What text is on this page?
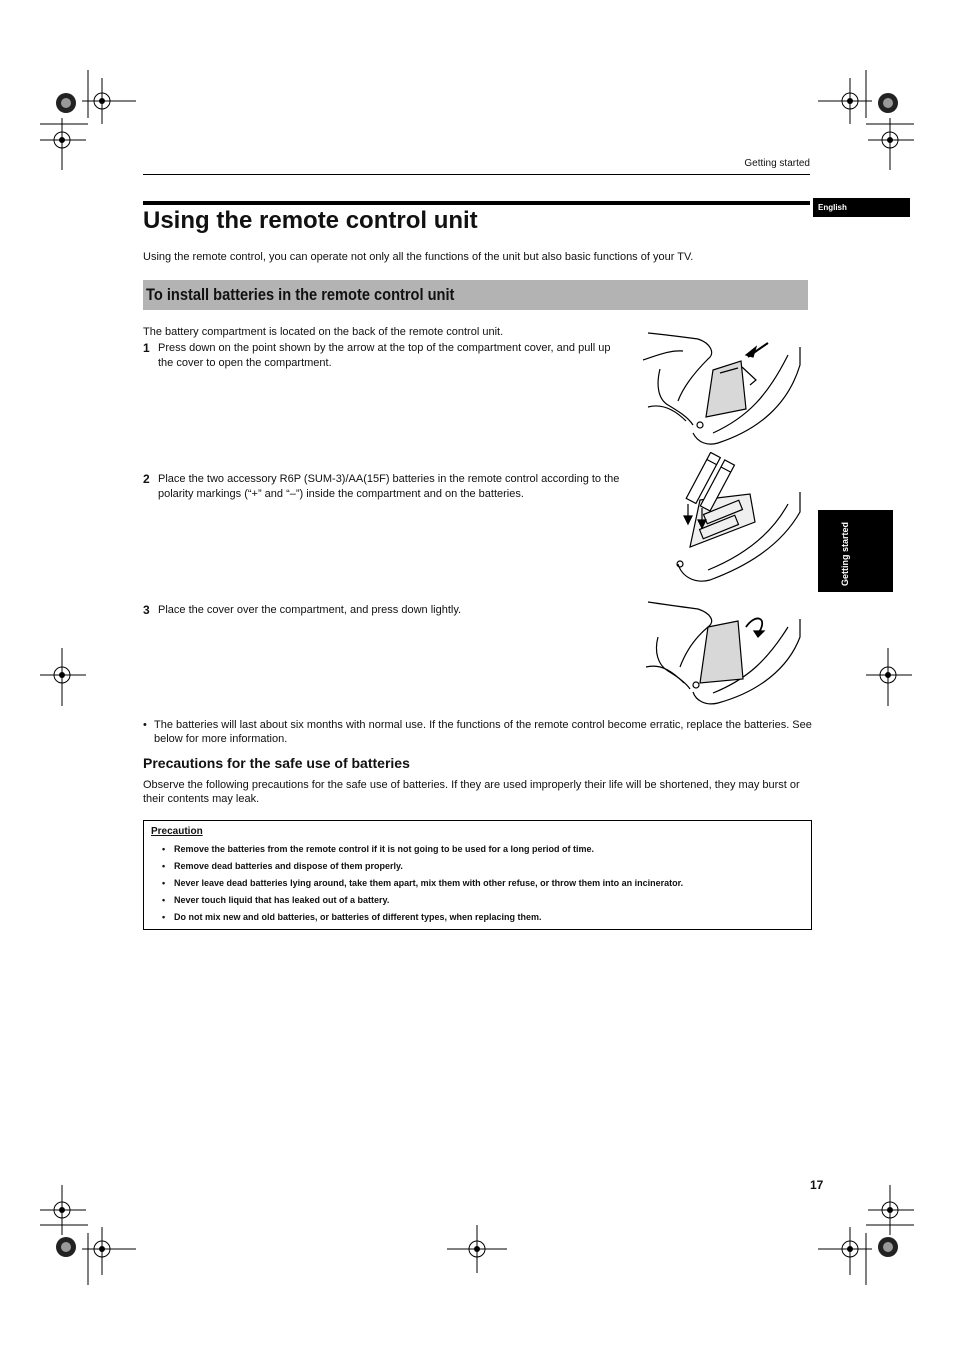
Getting started
English
Getting started
Using the remote control unit
Using the remote control, you can operate not only all the functions of the unit but also basic functions of your TV.
To install batteries in the remote control unit
The battery compartment is located on the back of the remote control unit.
1 Press down on the point shown by the arrow at the top of the compartment cover, and pull up the cover to open the compartment.
2 Place the two accessory R6P (SUM-3)/AA(15F) batteries in the remote control according to the polarity markings (“+” and “–”) inside the compartment and on the batteries.
3 Place the cover over the compartment, and press down lightly.
• The batteries will last about six months with normal use. If the functions of the remote control become erratic, replace the batteries. See below for more information.
Precautions for the safe use of batteries
Observe the following precautions for the safe use of batteries. If they are used improperly their life will be shortened, they may burst or their contents may leak.
Precaution
• Remove the batteries from the remote control if it is not going to be used for a long period of time.
• Remove dead batteries and dispose of them properly.
• Never leave dead batteries lying around, take them apart, mix them with other refuse, or throw them into an incinerator.
• Never touch liquid that has leaked out of a battery.
• Do not mix new and old batteries, or batteries of different types, when replacing them.
17
